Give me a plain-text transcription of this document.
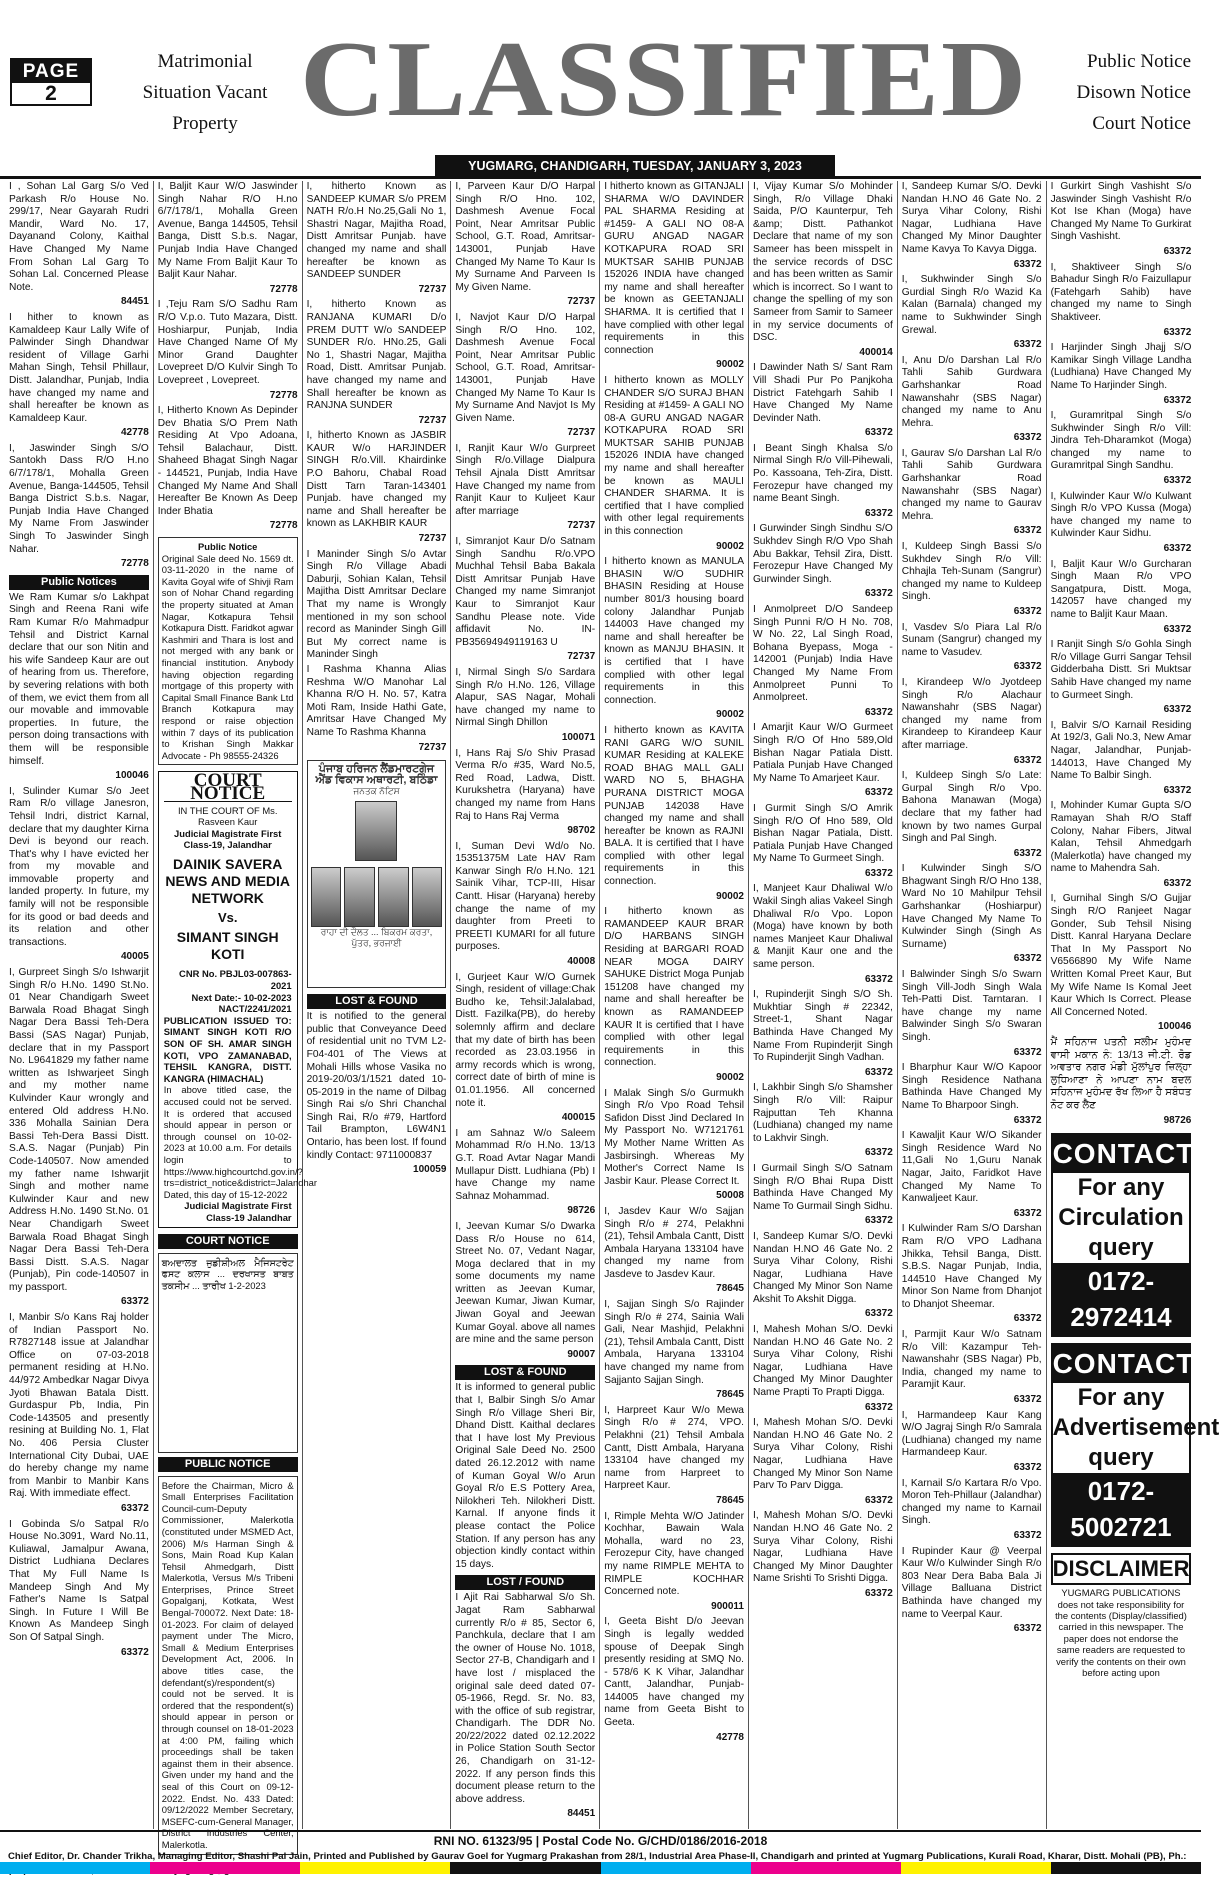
PAGE
2
Matrimonial
Situation Vacant
Property CLASSIFIED	Public Notice
Disown Notice
Court Notice
YUGMARG, CHANDIGARH, TUESDAY, JANUARY 3, 2023
I , Sohan Lal Garg S/o Ved Parkash R/o House No. 299/17, Near Gayarah Rudri Mandir, Ward No. 17, Dayanand Colony, Kaithal Have Changed My Name From Sohan Lal Garg To Sohan Lal. Concerned Please Note.
84451
I hither to known as Kamaldeep Kaur Lally Wife of Palwinder Singh Dhandwar resident of Village Garhi Mahan Singh, Tehsil Phillaur, Distt. Jalandhar, Punjab, India have changed my name and shall hereafter be known as Kamaldeep Kaur.
42778
I, Jaswinder Singh S/O Santokh Dass R/O H.no 6/7/178/1, Mohalla Green Avenue, Banga-144505, Tehsil Banga District S.b.s. Nagar, Punjab India Have Changed My Name From Jaswinder Singh To Jaswinder Singh Nahar.
72778
Public Notices
We Ram Kumar s/o Lakhpat Singh and Reena Rani wife Ram Kumar R/o Mahmadpur Tehsil and District Karnal declare that our son Nitin and his wife Sandeep Kaur are out of hearing from us. Therefore, by severing relations with both of them, we evict them from all our movable and immovable properties. In future, the person doing transactions with them will be responsible himself.
100046
I, Sulinder Kumar S/o Jeet Ram R/o village Janesron, Tehsil Indri, district Karnal, declare that my daughter Kirna Devi is beyond our reach. That's why I have evicted her from my movable and immovable property and landed property. In future, my family will not be responsible for its good or bad deeds and its relation and other transactions.
40005
I, Gurpreet Singh S/o Ishwarjit Singh R/o H.No. 1490 St.No. 01 Near Chandigarh Sweet Barwala Road Bhagat Singh Nagar Dera Bassi Teh-Dera Bassi (SAS Nagar) Punjab, declare that in my Passport No. L9641829 my father name written as Ishwarjeet Singh and my mother name Kulvinder Kaur wrongly and entered Old address H.No. 336 Mohalla Sainian Dera Bassi Teh-Dera Bassi Distt. S.A.S. Nagar (Punjab) Pin Code-140507. Now amended my father name Ishwarjit Singh and mother name Kulwinder Kaur and new Address H.No. 1490 St.No. 01 Near Chandigarh Sweet Barwala Road Bhagat Singh Nagar Dera Bassi Teh-Dera Bassi Distt. S.A.S. Nagar (Punjab), Pin code-140507 in my passport.
63372
I, Manbir S/o Kans Raj holder of Indian Passport No. R7827148 issue at Jalandhar Office on 07-03-2018 permanent residing at H.No. 44/972 Ambedkar Nagar Divya Jyoti Bhawan Batala Distt. Gurdaspur Pb, India, Pin Code-143505 and presently resining at Building No. 1, Flat No. 406 Persia Cluster International City Dubai, UAE do hereby change my name from Manbir to Manbir Kans Raj. With immediate effect.
63372
I Gobinda S/o Satpal R/o House No.3091, Ward No.11, Kuliawal, Jamalpur Awana, District Ludhiana Declares That My Full Name Is Mandeep Singh And My Father's Name Is Satpal Singh. In Future I Will Be Known As Mandeep Singh Son Of Satpal Singh.
63372
I, Baljit Kaur W/O Jaswinder Singh Nahar R/O H.no 6/7/178/1, Mohalla Green Avenue, Banga 144505, Tehsil Banga, Distt S.b.s. Nagar, Punjab India Have Changed My Name From Baljit Kaur To Baljit Kaur Nahar.
72778
I ,Teju Ram S/O Sadhu Ram R/O V.p.o. Tuto Mazara, Distt. Hoshiarpur, Punjab, India Have Changed Name Of My Minor Grand Daughter Lovepreet D/O Kulvir Singh To Lovepreet , Lovepreet.
72778
I, Hitherto Known As Depinder Dev Bhatia S/O Prem Nath Residing At Vpo Adoana, Tehsil Balachaur, Distt. Shaheed Bhagat Singh Nagar - 144521, Punjab, India Have Changed My Name And Shall Hereafter Be Known As Deep Inder Bhatia
72778
Public Notice
Original Sale deed No. 1569 dt. 03-11-2020 in the name of Kavita Goyal wife of Shivji Ram son of Nohar Chand regarding the property situated at Aman Nagar, Kotkapura Tehsil Kotkapura Distt. Faridkot agwar Kashmiri and Thara is lost and not merged with any bank or financial institution. Anybody having objection regarding mortgage of this property with Capital Small Finance Bank Ltd Branch Kotkapura may respond or raise objection within 7 days of its publication to Krishan Singh Makkar Advocate - Ph 98555-24326
COURT NOTICE
IN THE COURT OF Ms. Rasveen Kaur
Judicial Magistrate First Class-19, Jalandhar
DAINIK SAVERA NEWS AND MEDIA NETWORK
Vs.
SIMANT SINGH KOTI
CNR No. PBJL03-007863-2021
Next Date:- 10-02-2023
NACT/2241/2021
PUBLICATION ISSUED TO: SIMANT SINGH KOTI R/O SON OF SH. AMAR SINGH KOTI, VPO ZAMANABAD, TEHSIL KANGRA, DISTT. KANGRA (HIMACHAL)
In above titled case, the accused could not be served. It is ordered that accused should appear in person or through counsel on 10-02-2023 at 10.00 a.m. For details login to https://www.highcourtchd.gov.in/?trs=district_notice&district=Jalandhar
Dated, this day of 15-12-2022
Judicial Magistrate First Class-19 Jalandhar
COURT NOTICE
ਬਅਦਾਲਤ ਜੁਡੀਸ਼ੀਅਲ ਮੈਜਿਸਟਰੇਟ ਫਸਟ ਕਲਾਸ ... ਦਰਖਾਸਤ ਬਾਬਤ ਤਕਸੀਮ ... ਤਾਰੀਖ 1-2-2023
PUBLIC NOTICE
Before the Chairman, Micro & Small Enterprises Facilitation Council-cum-Deputy Commissioner, Malerkotla (constituted under MSMED Act, 2006) M/s Harman Singh & Sons, Main Road Kup Kalan Tehsil Ahmedgarh, Distt Malerkotla, Versus M/s Tribeni Enterprises, Prince Street Gopalganj, Kotkata, West Bengal-700072. Next Date: 18-01-2023. For claim of delayed payment under The Micro, Small & Medium Enterprises Development Act, 2006. In above titles case, the defendant(s)/respondent(s) could not be served. It is ordered that the respondent(s) should appear in person or through counsel on 18-01-2023 at 4:00 PM, failing which proceedings shall be taken against them in their absence. Given under my hand and the seal of this Court on 09-12-2022. Endst. No. 433 Dated: 09/12/2022 Member Secretary, MSEFC-cum-General Manager, District Industries Center, Malerkotla.
I, hitherto Known as SANDEEP KUMAR S/o PREM NATH R/o.H No.25,Gali No 1, Shastri Nagar, Majitha Road, Distt Amritsar Punjab. have changed my name and shall hereafter be known as SANDEEP SUNDER
72737
I, hitherto Known as RANJANA KUMARI D/o PREM DUTT W/o SANDEEP SUNDER R/o. HNo.25, Gali No 1, Shastri Nagar, Majitha Road, Distt. Amritsar Punjab. have changed my name and Shall hereafter be known as RANJNA SUNDER
72737
I, hitherto Known as JASBIR KAUR W/o HARJINDER SINGH R/o.Vill. Khairdinke P.O Bahoru, Chabal Road Distt Tarn Taran-143401 Punjab. have changed my name and Shall hereafter be known as LAKHBIR KAUR
72737
I Maninder Singh S/o Avtar Singh R/o Village Abadi Daburji, Sohian Kalan, Tehsil Majitha Distt Amritsar Declare That my name is Wrongly mentioned in my son school record as Maninder Singh Gill But My correct name is Maninder Singh
I Rashma Khanna Alias Reshma W/O Manohar Lal Khanna R/O H. No. 57, Katra Moti Ram, Inside Hathi Gate, Amritsar Have Changed My Name To Rashma Khanna
72737
ਪੰਜਾਬ ਹਰਿਜਨ ਲੈਂਡਮਾਰਟਗੇਜ ਐਂਡ ਵਿਕਾਸ ਅਥਾਰਟੀ, ਬਠਿੰਡਾ
ਜਨਤਕ ਨੋਟਿਸ
ਰਾਹਾ ਦੀ ਦੌਲਤ ... ਬਿਕਰਮ ਕਰਤਾ, ਪੁੱਤਰ, ਭਰਜਾਈ
LOST & FOUND
It is notified to the general public that Conveyance Deed of residential unit no TVM L2-F04-401 of The Views at Mohali Hills whose Vasika no 2019-20/03/1/1521 dated 10-05-2019 in the name of Dilbag Singh Rai s/o Shri Chanchal Singh Rai, R/o #79, Hartford Tail Brampton, L6W4N1 Ontario, has been lost. If found kindly Contact: 9711000837
100059
I, Parveen Kaur D/O Harpal Singh R/O Hno. 102, Dashmesh Avenue Focal Point, Near Amritsar Public School, G.T. Road, Amritsar-143001, Punjab Have Changed My Name To Kaur Is My Surname And Parveen Is My Given Name.
72737
I, Navjot Kaur D/O Harpal Singh R/O Hno. 102, Dashmesh Avenue Focal Point, Near Amritsar Public School, G.T. Road, Amritsar-143001, Punjab Have Changed My Name To Kaur Is My Surname And Navjot Is My Given Name.
72737
I, Ranjit Kaur W/o Gurpreet Singh R/o.Village Dialpura Tehsil Ajnala Distt Amritsar Have Changed my name from Ranjit Kaur to Kuljeet Kaur after marriage
72737
I, Simranjot Kaur D/o Satnam Singh Sandhu R/o.VPO Muchhal Tehsil Baba Bakala Distt Amritsar Punjab Have Changed my name Simranjot Kaur to Simranjot Kaur Sandhu Please note. Vide affidavit No. IN-PB35694949119163 U
72737
I, Nirmal Singh S/o Sardara Singh R/o H.No. 126, Village Alapur, SAS Nagar, Mohali have changed my name to Nirmal Singh Dhillon
100071
I, Hans Raj S/o Shiv Prasad Verma R/o #35, Ward No.5, Red Road, Ladwa, Distt. Kurukshetra (Haryana) have changed my name from Hans Raj to Hans Raj Verma
98702
I, Suman Devi Wd/o No. 15351375M Late HAV Ram Kanwar Singh R/o H.No. 121 Sainik Vihar, TCP-III, Hisar Cantt. Hisar (Haryana) hereby change the name of my daughter from Preeti to PREETI KUMARI for all future purposes.
40008
I, Gurjeet Kaur W/O Gurnek Singh, resident of village:Chak Budho ke, Tehsil:Jalalabad, Distt. Fazilka(PB), do hereby solemnly affirm and declare that my date of birth has been recorded as 23.03.1956 in army records which is wrong, correct date of birth of mine is 01.01.1956. All concerned note it.
400015
I am Sahnaz W/o Saleem Mohammad R/o H.No. 13/13 G.T. Road Avtar Nagar Mandi Mullapur Distt. Ludhiana (Pb) I have Change my name Sahnaz Mohammad.
98726
I, Jeevan Kumar S/o Dwarka Dass R/o House no 614, Street No. 07, Vedant Nagar, Moga declared that in my some documents my name written as Jeevan Kumar, Jeewan Kumar, Jiwan Kumar, Jiwan Goyal and Jeewan Kumar Goyal. above all names are mine and the same person
90007
LOST & FOUND
It is informed to general public that I, Balbir Singh S/o Amar Singh R/o Village Sheri Bir, Dhand Distt. Kaithal declares that I have lost My Previous Original Sale Deed No. 2500 dated 26.12.2012 with name of Kuman Goyal W/o Arun Goyal R/o E.S Pottery Area, Nilokheri Teh. Nilokheri Distt. Karnal. If anyone finds it please contact the Police Station. If any person has any objection kindly contact within 15 days.
LOST / FOUND
I Ajit Rai Sabharwal S/o Sh. Jagat Ram Sabharwal currently R/o # 85, Sector 6, Panchkula, declare that I am the owner of House No. 1018, Sector 27-B, Chandigarh and I have lost / misplaced the original sale deed dated 07-05-1966, Regd. Sr. No. 83, with the office of sub registrar, Chandigarh. The DDR No. 20/22/2022 dated 02.12.2022 in Police Station South Sector 26, Chandigarh on 31-12-2022. If any person finds this document please return to the above address.
84451
I hitherto known as GITANJALI SHARMA W/O DAVINDER PAL SHARMA Residing at #1459- A GALI NO 08-A GURU ANGAD NAGAR KOTKAPURA ROAD SRI MUKTSAR SAHIB PUNJAB 152026 INDIA have changed my name and shall hereafter be known as GEETANJALI SHARMA. It is certified that I have complied with other legal requirements in this connection
90002
I hitherto known as MOLLY CHANDER S/O SURAJ BHAN Residing at #1459- A GALI NO 08-A GURU ANGAD NAGAR KOTKAPURA ROAD SRI MUKTSAR SAHIB PUNJAB 152026 INDIA have changed my name and shall hereafter be known as MAULI CHANDER SHARMA. It is certified that I have complied with other legal requirements in this connection
90002
I hitherto known as MANULA BHASIN W/O SUDHIR BHASIN Residing at House number 801/3 housing board colony Jalandhar Punjab 144003 Have changed my name and shall hereafter be known as MANJU BHASIN. It is certified that I have complied with other legal requirements in this connection.
90002
I hitherto known as KAVITA RANI GARG W/O SUNIL KUMAR Residing at KALEKE ROAD BHAG MALL GALI WARD NO 5, BHAGHA PURANA DISTRICT MOGA PUNJAB 142038 Have changed my name and shall hereafter be known as RAJNI BALA. It is certified that I have complied with other legal requirements in this connection.
90002
I hitherto known as RAMANDEEP KAUR BRAR D/O HARBANS SINGH Residing at BARGARI ROAD NEAR MOGA DAIRY SAHUKE District Moga Punjab 151208 have changed my name and shall hereafter be known as RAMANDEEP KAUR It is certified that I have complied with other legal requirements in this connection.
90002
I Malak Singh S/o Gurmukh Singh R/o Vpo Road Tehsil Safidon Disst Jind Declared In My Passport No. W7121761 My Mother Name Written As Jasbirsingh. Whereas My Mother's Correct Name Is Jasbir Kaur. Please Correct It.
50008
I, Jasdev Kaur W/o Sajjan Singh R/o # 274, Pelakhni (21), Tehsil Ambala Cantt, Distt Ambala Haryana 133104 have changed my name from Jasdeve to Jasdev Kaur.
78645
I, Sajjan Singh S/o Rajinder Singh R/o # 274, Sainia Wali Gali, Near Mashjid, Pelakhni (21), Tehsil Ambala Cantt, Distt Ambala, Haryana 133104 have changed my name from Sajjanto Sajjan Singh.
78645
I, Harpreet Kaur W/o Mewa Singh R/o # 274, VPO. Pelakhni (21) Tehsil Ambala Cantt, Distt Ambala, Haryana 133104 have changed my name from Harpreet to Harpreet Kaur.
78645
I, Rimple Mehta W/O Jatinder Kochhar, Bawain Wala Mohalla, ward no 23, Ferozepur City, have changed my name RIMPLE MEHTA to RIMPLE KOCHHAR Concerned note.
900011
I, Geeta Bisht D/o Jeevan Singh is legally wedded spouse of Deepak Singh presently residing at SMQ No. - 578/6 K K Vihar, Jalandhar Cantt, Jalandhar, Punjab-144005 have changed my name from Geeta Bisht to Geeta.
42778
I, Vijay Kumar S/o Mohinder Singh, R/o Village Dhaki Saida, P/O Kaunterpur, Teh &amp; Distt. Pathankot Declare that name of my son Sameer has been misspelt in the service records of DSC and has been written as Samir which is incorrect. So I want to change the spelling of my son Sameer from Samir to Sameer in my service documents of DSC.
400014
I Dawinder Nath S/ Sant Ram Vill Shadi Pur Po Panjkoha District Fatehgarh Sahib I Have Changed My Name Devinder Nath.
63372
I Beant Singh Khalsa S/o Nirmal Singh R/o Vill-Pihewali, Po. Kassoana, Teh-Zira, Distt. Ferozepur have changed my name Beant Singh.
63372
I Gurwinder Singh Sindhu S/O Sukhdev Singh R/O Vpo Shah Abu Bakkar, Tehsil Zira, Distt. Ferozepur Have Changed My Gurwinder Singh.
63372
I Anmolpreet D/O Sandeep Singh Punni R/O H No. 708, W No. 22, Lal Singh Road, Bohana Byepass, Moga - 142001 (Punjab) India Have Changed My Name From Anmolpreet Punni To Anmolpreet.
63372
I Amarjit Kaur W/O Gurmeet Singh R/O Of Hno 589,Old Bishan Nagar Patiala Distt. Patiala Punjab Have Changed My Name To Amarjeet Kaur.
63372
I Gurmit Singh S/O Amrik Singh R/O Of Hno 589, Old Bishan Nagar Patiala, Distt. Patiala Punjab Have Changed My Name To Gurmeet Singh.
63372
I, Manjeet Kaur Dhaliwal W/o Wakil Singh alias Vakeel Singh Dhaliwal R/o Vpo. Lopon (Moga) have known by both names Manjeet Kaur Dhaliwal & Manjit Kaur one and the same person.
63372
I, Rupinderjit Singh S/O Sh. Mukhtiar Singh # 22342, Street-1, Shant Nagar Bathinda Have Changed My Name From Rupinderjit Singh To Rupinderjit Singh Vadhan.
63372
I, Lakhbir Singh S/o Shamsher Singh R/o Vill: Raipur Rajputtan Teh Khanna (Ludhiana) changed my name to Lakhvir Singh.
63372
I Gurmail Singh S/O Satnam Singh R/O Bhai Rupa Distt Bathinda Have Changed My Name To Gurmail Singh Sidhu.
63372
I, Sandeep Kumar S/O. Devki Nandan H.NO 46 Gate No. 2 Surya Vihar Colony, Rishi Nagar, Ludhiana Have Changed My Minor Son Name Akshit To Akshit Digga.
63372
I, Mahesh Mohan S/O. Devki Nandan H.NO 46 Gate No. 2 Surya Vihar Colony, Rishi Nagar, Ludhiana Have Changed My Minor Daughter Name Prapti To Prapti Digga.
63372
I, Mahesh Mohan S/O. Devki Nandan H.NO 46 Gate No. 2 Surya Vihar Colony, Rishi Nagar, Ludhiana Have Changed My Minor Son Name Parv To Parv Digga.
63372
I, Mahesh Mohan S/O. Devki Nandan H.NO 46 Gate No. 2 Surya Vihar Colony, Rishi Nagar, Ludhiana Have Changed My Minor Daughter Name Srishti To Srishti Digga.
63372
I, Sandeep Kumar S/O. Devki Nandan H.NO 46 Gate No. 2 Surya Vihar Colony, Rishi Nagar, Ludhiana Have Changed My Minor Daughter Name Kavya To Kavya Digga.
63372
I, Sukhwinder Singh S/o Gurdial Singh R/o Wazid Ka Kalan (Barnala) changed my name to Sukhwinder Singh Grewal.
63372
I, Anu D/o Darshan Lal R/o Tahli Sahib Gurdwara Garhshankar Road Nawanshahr (SBS Nagar) changed my name to Anu Mehra.
63372
I, Gaurav S/o Darshan Lal R/o Tahli Sahib Gurdwara Garhshankar Road Nawanshahr (SBS Nagar) changed my name to Gaurav Mehra.
63372
I, Kuldeep Singh Bassi S/o Sukhdev Singh R/o Vill: Chhajla Teh-Sunam (Sangrur) changed my name to Kuldeep Singh.
63372
I, Vasdev S/o Piara Lal R/o Sunam (Sangrur) changed my name to Vasudev.
63372
I, Kirandeep W/o Jyotdeep Singh R/o Alachaur Nawanshahr (SBS Nagar) changed my name from Kirandeep to Kirandeep Kaur after marriage.
63372
I, Kuldeep Singh S/o Late: Gurpal Singh R/o Vpo. Bahona Manawan (Moga) declare that my father had known by two names Gurpal Singh and Pal Singh.
63372
I Kulwinder Singh S/O Bhagwant Singh R/O Hno 138, Ward No 10 Mahilpur Tehsil Garhshankar (Hoshiarpur) Have Changed My Name To Kulwinder Singh (Singh As Surname)
63372
I Balwinder Singh S/o Swarn Singh Vill-Jodh Singh Wala Teh-Patti Dist. Tarntaran. I have change my name Balwinder Singh S/o Swaran Singh.
63372
I Bharphur Kaur W/O Kapoor Singh Residence Nathana Bathinda Have Changed My Name To Bharpoor Singh.
63372
I Kawaljit Kaur W/O Sikander Singh Residence Ward No 11,Gali No 1,Guru Nanak Nagar, Jaito, Faridkot Have Changed My Name To Kanwaljeet Kaur.
63372
I Kulwinder Ram S/O Darshan Ram R/O VPO Ladhana Jhikka, Tehsil Banga, Distt. S.B.S. Nagar Punjab, India, 144510 Have Changed My Minor Son Name from Dhanjot to Dhanjot Sheemar.
63372
I, Parmjit Kaur W/o Satnam R/o Vill: Kazampur Teh-Nawanshahr (SBS Nagar) Pb, India, changed my name to Paramjit Kaur.
63372
I, Harmandeep Kaur Kang W/O Jagraj Singh R/o Samrala (Ludhiana) changed my name Harmandeep Kaur.
63372
I, Karnail S/o Kartara R/o Vpo. Moron Teh-Phillaur (Jalandhar) changed my name to Karnail Singh.
63372
I Rupinder Kaur @ Veerpal Kaur W/o Kulwinder Singh R/o 803 Near Dera Baba Bala Ji Village Balluana District Bathinda have changed my name to Veerpal Kaur.
63372
I Gurkirt Singh Vashisht S/o Jaswinder Singh Vashisht R/o Kot Ise Khan (Moga) have Changed My Name To Gurkirat Singh Vashisht.
63372
I, Shaktiveer Singh S/o Bahadur Singh R/o Faizullapur (Fatehgarh Sahib) have changed my name to Singh Shaktiveer.
63372
I Harjinder Singh Jhajj S/O Kamikar Singh Village Landha (Ludhiana) Have Changed My Name To Harjinder Singh.
63372
I, Guramritpal Singh S/o Sukhwinder Singh R/o Vill: Jindra Teh-Dharamkot (Moga) changed my name to Guramritpal Singh Sandhu.
63372
I, Kulwinder Kaur W/o Kulwant Singh R/o VPO Kussa (Moga) have changed my name to Kulwinder Kaur Sidhu.
63372
I, Baljit Kaur W/o Gurcharan Singh Maan R/o VPO Sangatpura, Distt. Moga, 142057 have changed my name to Baljit Kaur Maan.
63372
I Ranjit Singh S/o Gohla Singh R/o Village Gurri Sangar Tehsil Gidderbaha Distt. Sri Muktsar Sahib Have changed my name to Gurmeet Singh.
63372
I, Balvir S/O Karnail Residing At 192/3, Gali No.3, New Amar Nagar, Jalandhar, Punjab-144013, Have Changed My Name To Balbir Singh.
63372
I, Mohinder Kumar Gupta S/O Ramayan Shah R/O Staff Colony, Nahar Fibers, Jitwal Kalan, Tehsil Ahmedgarh (Malerkotla) have changed my name to Mahendra Sah.
63372
I, Gurnihal Singh S/O Gujjar Singh R/O Ranjeet Nagar Gonder, Sub Tehsil Nising Distt. Kanral Haryana Declare That In My Passport No V6566890 My Wife Name Written Komal Preet Kaur, But My Wife Name Is Komal Jeet Kaur Which Is Correct. Please All Concerned Noted.
100046
ਮੈਂ ਸਹਿਨਾਜ ਪਤਨੀ ਸਲੀਮ ਮੁਹੰਮਦ ਵਾਸੀ ਮਕਾਨ ਨੰ: 13/13 ਜੀ.ਟੀ. ਰੋਡ ਅਵਤਾਰ ਨਗਰ ਮੰਡੀ ਮੁੱਲਾਂਪੁਰ ਜ਼ਿਲ੍ਹਾ ਲੁਧਿਆਣਾ ਨੇ ਆਪਣਾ ਨਾਮ ਬਦਲ ਸਹਿਨਾਜ ਮੁਹੰਮਦ ਰੱਖ ਲਿਆ ਹੈ ਸਬੰਧਤ ਨੋਟ ਕਰ ਲੈਣ
98726
CONTACT
For any
Circulation
query
0172-2972414
CONTACT
For any
Advertisement
query
0172-5002721
DISCLAIMER

YUGMARG PUBLICATIONS does not take responsibility for the contents (Display/classified) carried in this newspaper. The paper does not endorse the same readers are requested to verify the contents on their own before acting upon

RNI NO. 61323/95 | Postal Code No. G/CHD/0186/2016-2018
Chief Editor, Dr. Chander Trikha, Managing Editor, Shashi Pal Jain, Printed and Published by Gaurav Goel for Yugmarg Prakashan from 28/1, Industrial Area Phase-II, Chandigarh and printed at Yugmarg Publications, Kurali Road, Kharar, Distt. Mohali (PB), Ph.:
